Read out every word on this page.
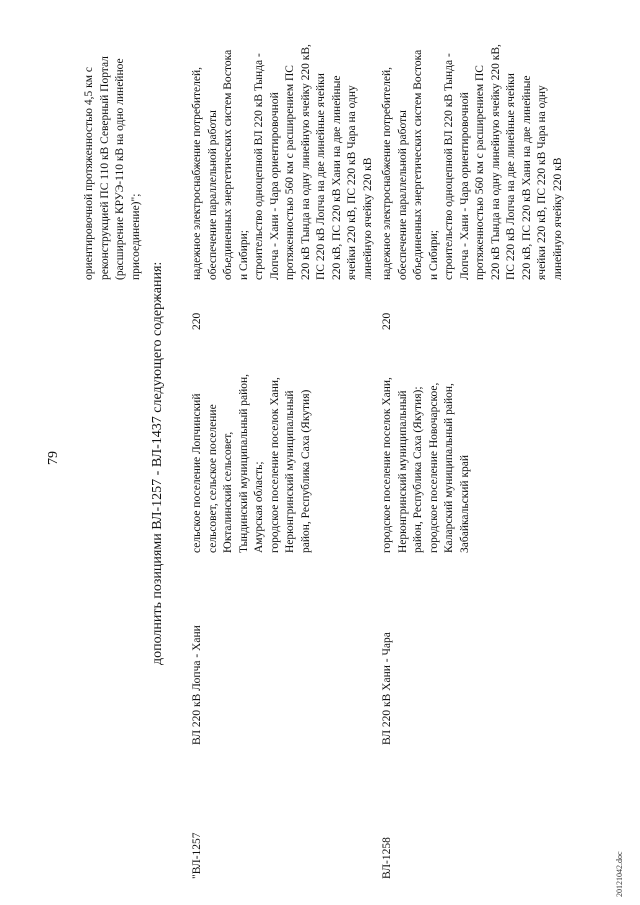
79	дополнить позициями ВЛ-1257 - ВЛ-1437 следующего содержания:
ориентировочной протяженностью 4,5 км с реконструкцией ПС 110 кВ Северный Портал (расширение КРУЭ-110 кВ на одно линейное присоединение)";
"ВЛ-1257
ВЛ 220 кВ Лопча - Хани
сельское поселение Лопчинский сельсовет, сельское поселение Юкталинский сельсовет, Тындинский муниципальный район, Амурская область; городское поселение поселок Хани, Нерюнгринский муниципальный район, Республика Саха (Якутия)
220
надежное электроснабжение потребителей, обеспечение параллельной работы объединенных энергетических систем Востока и Сибири; строительство одноцепной ВЛ 220 кВ Тында - Лопча - Хани - Чара ориентировочной протяженностью 560 км с расширением ПС 220 кВ Тында на одну линейную ячейку 220 кВ, ПС 220 кВ Лопча на две линейные ячейки 220 кВ, ПС 220 кВ Хани на две линейные ячейки 220 кВ, ПС 220 кВ Чара на одну линейную ячейку 220 кВ
ВЛ-1258
ВЛ 220 кВ Хани - Чара
городское поселение поселок Хани, Нерюнгринский муниципальный район, Республика Саха (Якутия); городское поселение Новочарское, Каларский муниципальный район, Забайкальский край
220
надежное электроснабжение потребителей, обеспечение параллельной работы объединенных энергетических систем Востока и Сибири; строительство одноцепной ВЛ 220 кВ Тында - Лопча - Хани - Чара ориентировочной протяженностью 560 км с расширением ПС 220 кВ Тында на одну линейную ячейку 220 кВ, ПС 220 кВ Лопча на две линейные ячейки 220 кВ, ПС 220 кВ Хани на две линейные ячейки 220 кВ, ПС 220 кВ Чара на одну линейную ячейку 220 кВ
20121042.doc
